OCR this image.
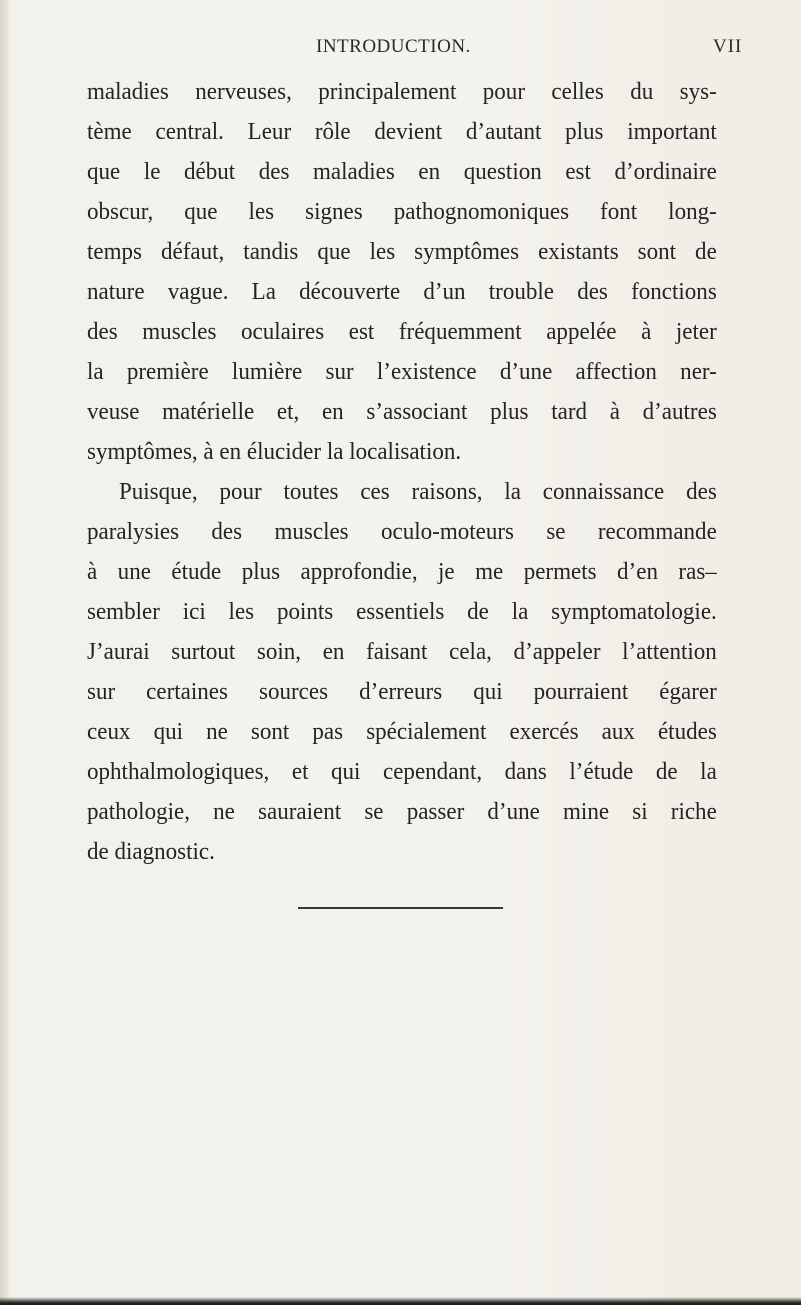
INTRODUCTION.	VII
maladies nerveuses, principalement pour celles du sys-
tème central. Leur rôle devient d’autant plus important
que le début des maladies en question est d’ordinaire
obscur, que les signes pathognomoniques font long-
temps défaut, tandis que les symptômes existants sont de
nature vague. La découverte d’un trouble des fonctions
des muscles oculaires est fréquemment appelée à jeter
la première lumière sur l’existence d’une affection ner-
veuse matérielle et, en s’associant plus tard à d’autres
symptômes, à en élucider la localisation.
Puisque, pour toutes ces raisons, la connaissance des
paralysies des muscles oculo-moteurs se recommande
à une étude plus approfondie, je me permets d’en ras–
sembler ici les points essentiels de la symptomatologie.
J’aurai surtout soin, en faisant cela, d’appeler l’attention
sur certaines sources d’erreurs qui pourraient égarer
ceux qui ne sont pas spécialement exercés aux études
ophthalmologiques, et qui cependant, dans l’étude de la
pathologie, ne sauraient se passer d’une mine si riche
de diagnostic.
